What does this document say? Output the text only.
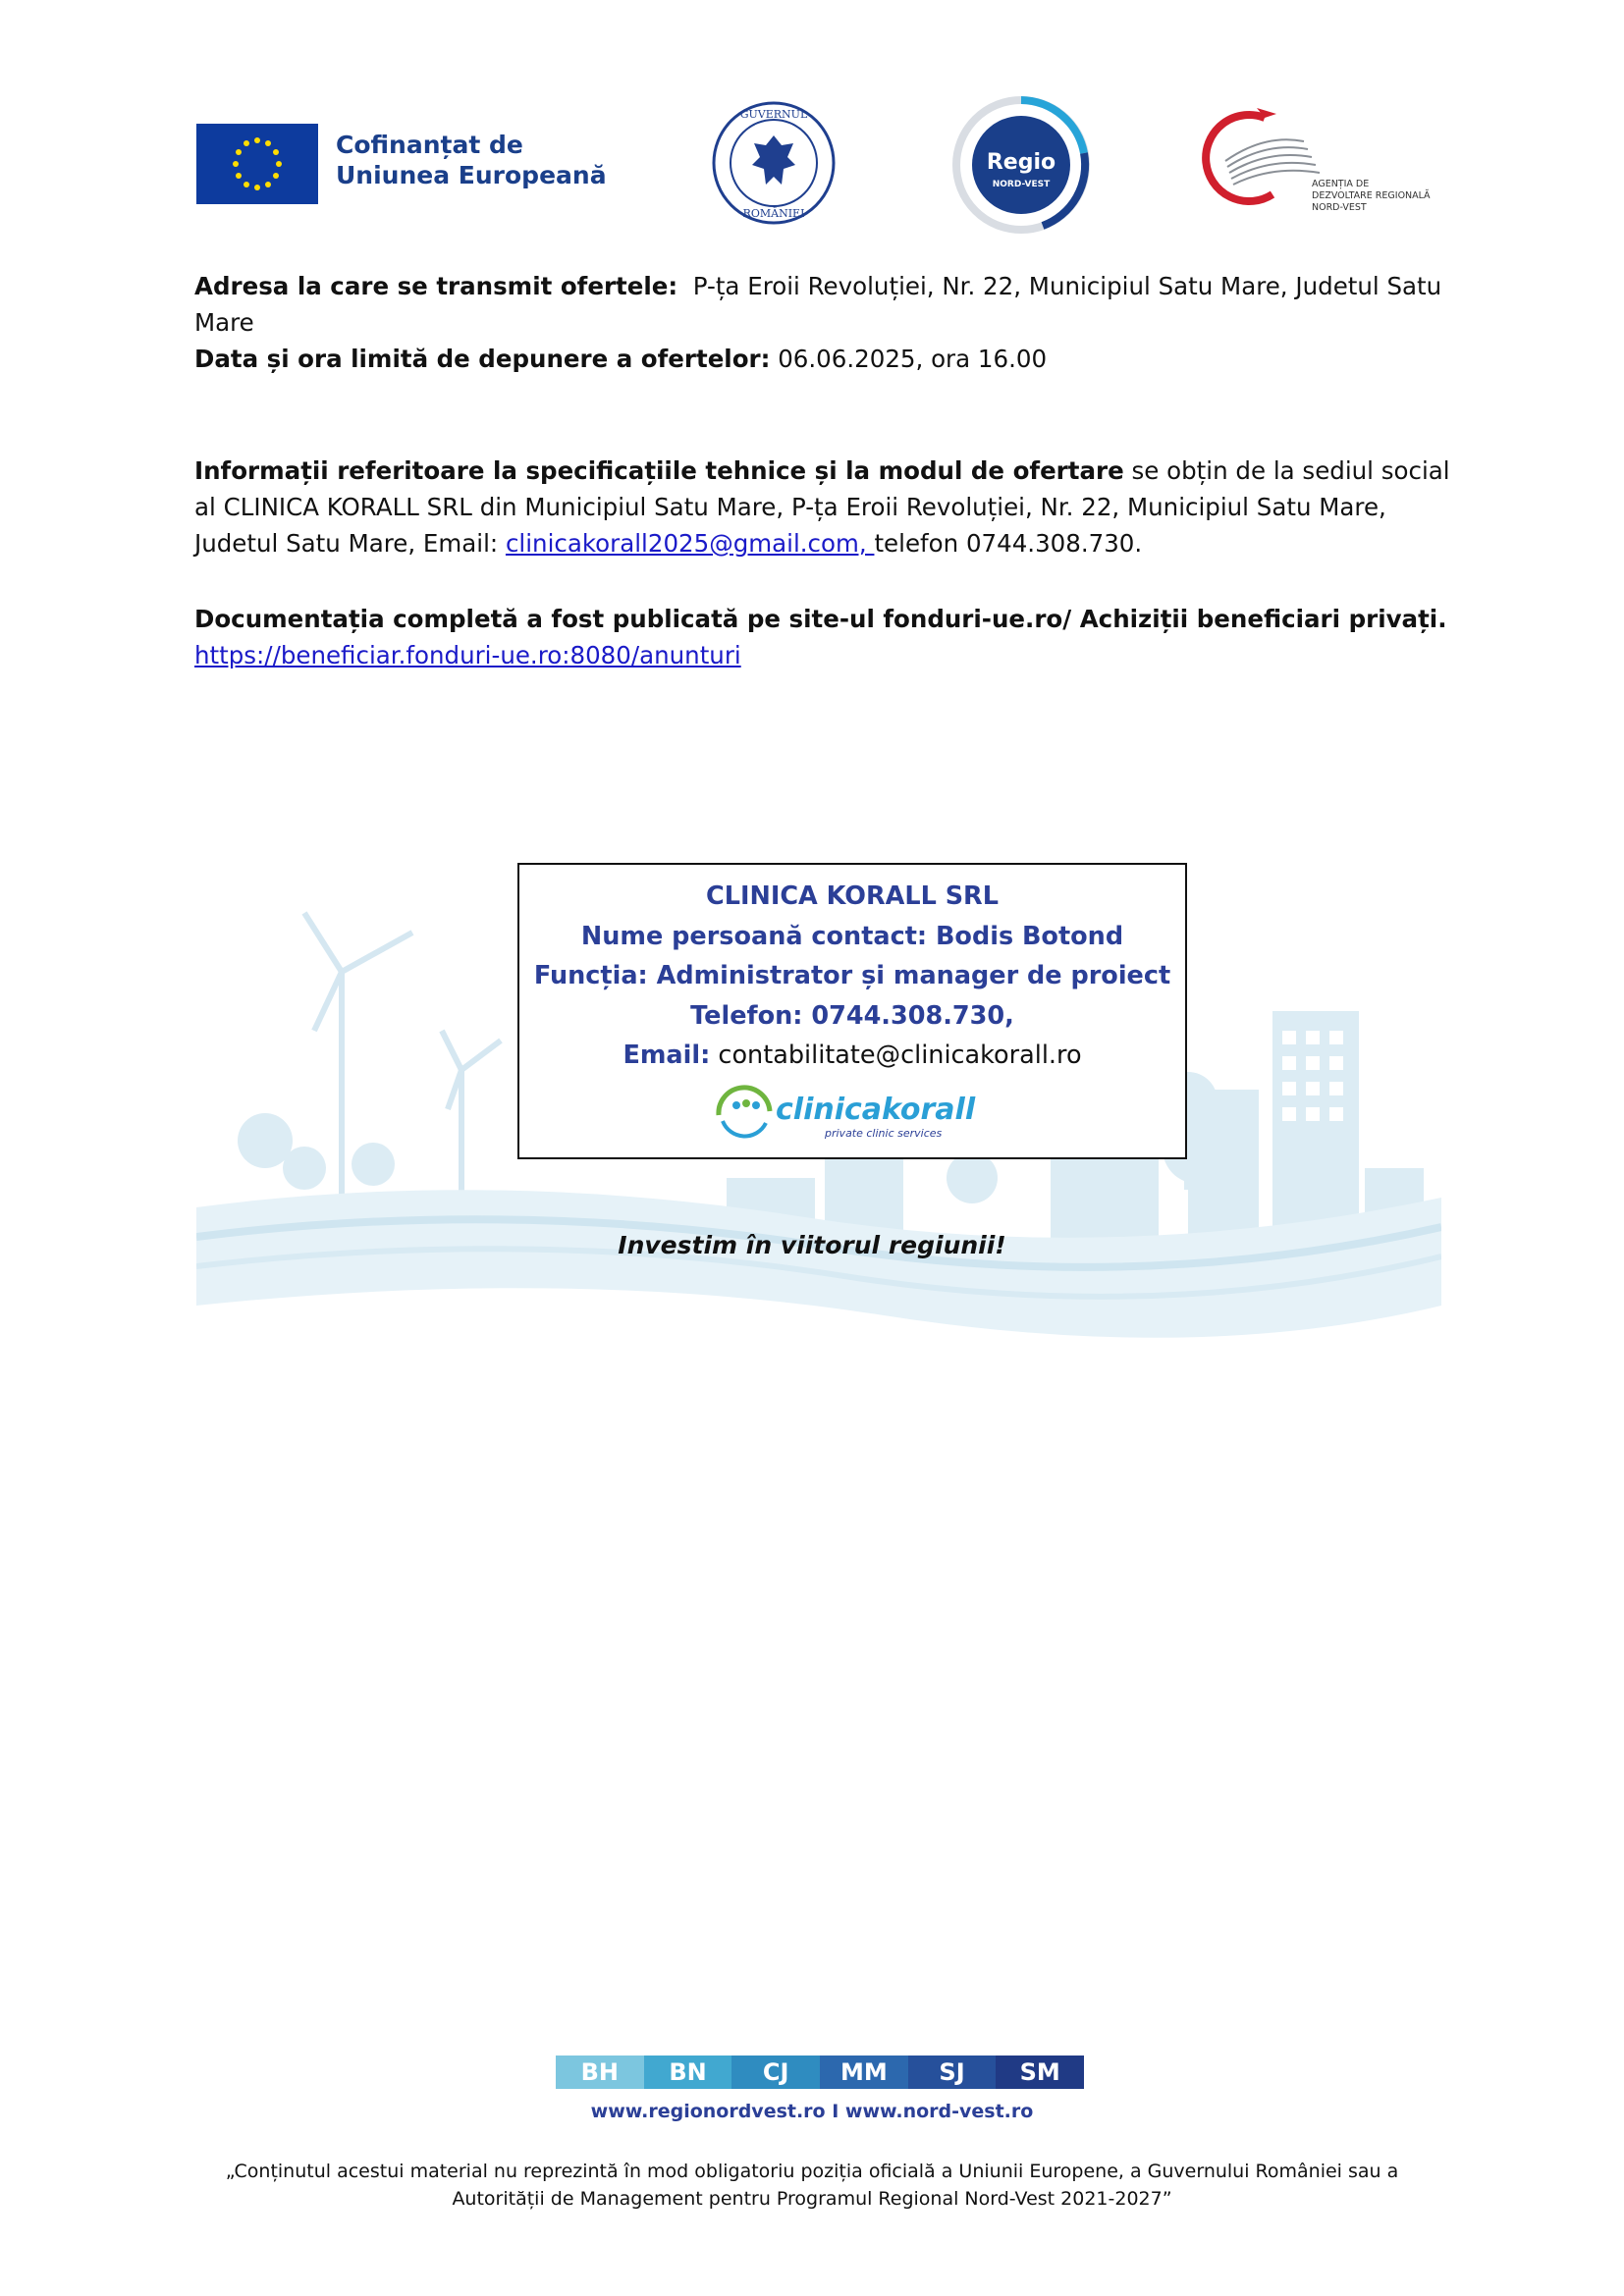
Cofinanțat de
Uniunea Europeană
GUVERNUL
ROMÂNIEI
Regio
NORD-VEST	AGENȚIA DE
DEZVOLTARE REGIONALĂ
NORD-VEST
Adresa la care se transmit ofertele: P-ța Eroii Revoluției, Nr. 22, Municipiul Satu Mare, Judetul Satu Mare
Data și ora limită de depunere a ofertelor: 06.06.2025, ora 16.00
Informații referitoare la specificațiile tehnice și la modul de ofertare se obțin de la sediul social al CLINICA KORALL SRL din Municipiul Satu Mare, P-ța Eroii Revoluției, Nr. 22, Municipiul Satu Mare, Judetul Satu Mare, Email: clinicakorall2025@gmail.com, telefon 0744.308.730.
Documentația completă a fost publicată pe site-ul fonduri-ue.ro/ Achiziții beneficiari privați.
https://beneficiar.fonduri-ue.ro:8080/anunturi
CLINICA KORALL SRL
Nume persoană contact: Bodis Botond
Funcția: Administrator și manager de proiect
Telefon: 0744.308.730,
Email: contabilitate@clinicakorall.ro
clinicakorall
private clinic services
Investim în viitorul regiunii!
BH	BN	CJ	MM	SJ	SM
www.regionordvest.ro I www.nord-vest.ro
„Conținutul acestui material nu reprezintă în mod obligatoriu poziția oficială a Uniunii Europene, a Guvernului României sau a Autorității de Management pentru Programul Regional Nord-Vest 2021-2027”
